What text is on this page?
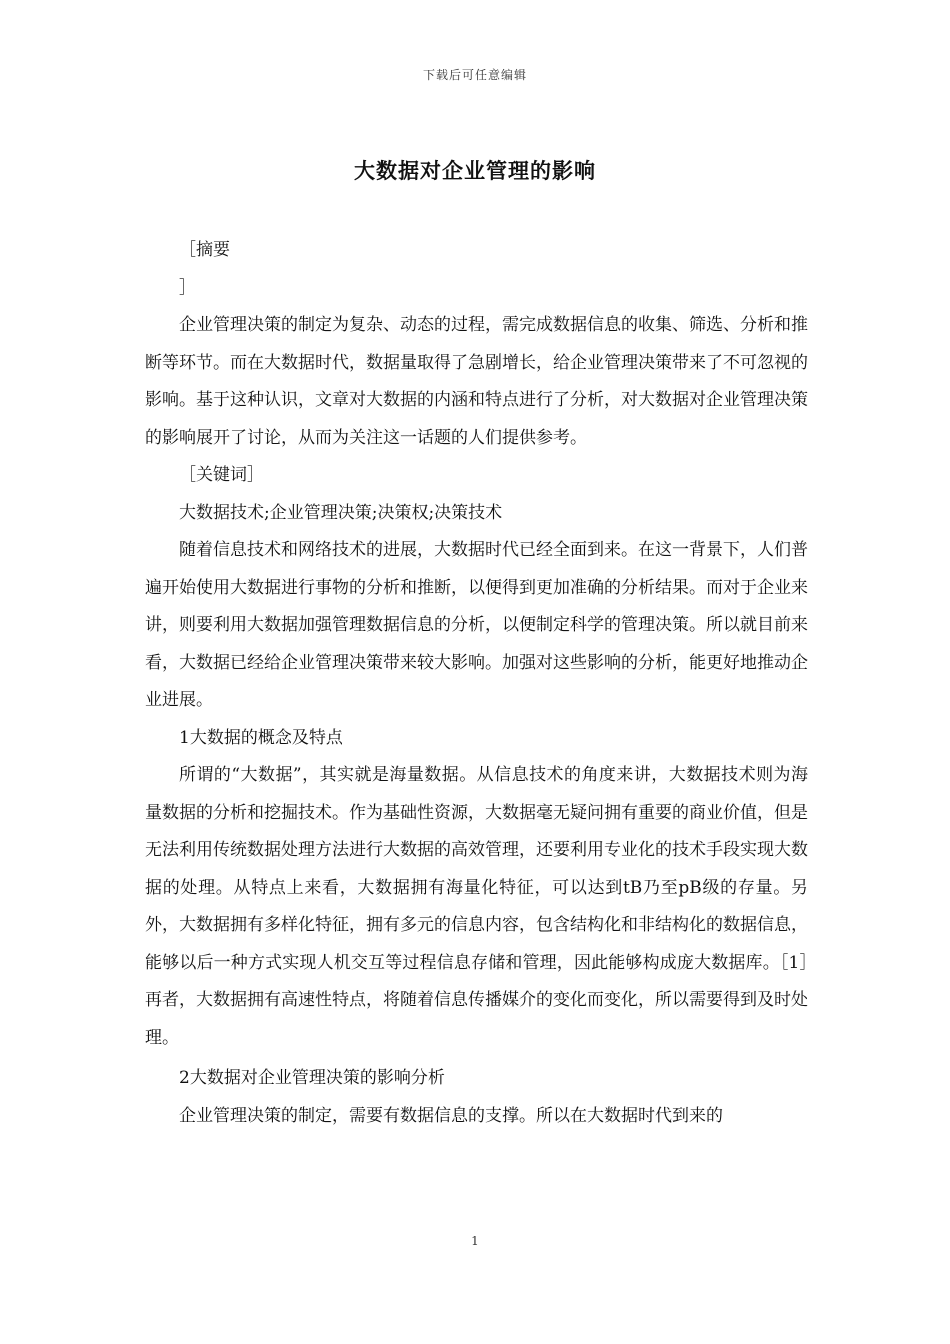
下载后可任意编辑
大数据对企业管理的影响

［摘要

］

企业管理决策的制定为复杂、动态的过程，需完成数据信息的收集、筛选、分析和推断等环节。而在大数据时代，数据量取得了急剧增长，给企业管理决策带来了不可忽视的影响。基于这种认识，文章对大数据的内涵和特点进行了分析，对大数据对企业管理决策的影响展开了讨论，从而为关注这一话题的人们提供参考。

［关键词］

大数据技术;企业管理决策;决策权;决策技术

随着信息技术和网络技术的进展，大数据时代已经全面到来。在这一背景下，人们普遍开始使用大数据进行事物的分析和推断，以便得到更加准确的分析结果。而对于企业来讲，则要利用大数据加强管理数据信息的分析，以便制定科学的管理决策。所以就目前来看，大数据已经给企业管理决策带来较大影响。加强对这些影响的分析，能更好地推动企业进展。

1大数据的概念及特点

所谓的“大数据”，其实就是海量数据。从信息技术的角度来讲，大数据技术则为海量数据的分析和挖掘技术。作为基础性资源，大数据毫无疑问拥有重要的商业价值，但是无法利用传统数据处理方法进行大数据的高效管理，还要利用专业化的技术手段实现大数据的处理。从特点上来看，大数据拥有海量化特征，可以达到tB乃至pB级的存量。另外，大数据拥有多样化特征，拥有多元的信息内容，包含结构化和非结构化的数据信息，能够以后一种方式实现人机交互等过程信息存储和管理，因此能够构成庞大数据库。［1］再者，大数据拥有高速性特点，将随着信息传播媒介的变化而变化，所以需要得到及时处理。

2大数据对企业管理决策的影响分析

企业管理决策的制定，需要有数据信息的支撑。所以在大数据时代到来的

1
